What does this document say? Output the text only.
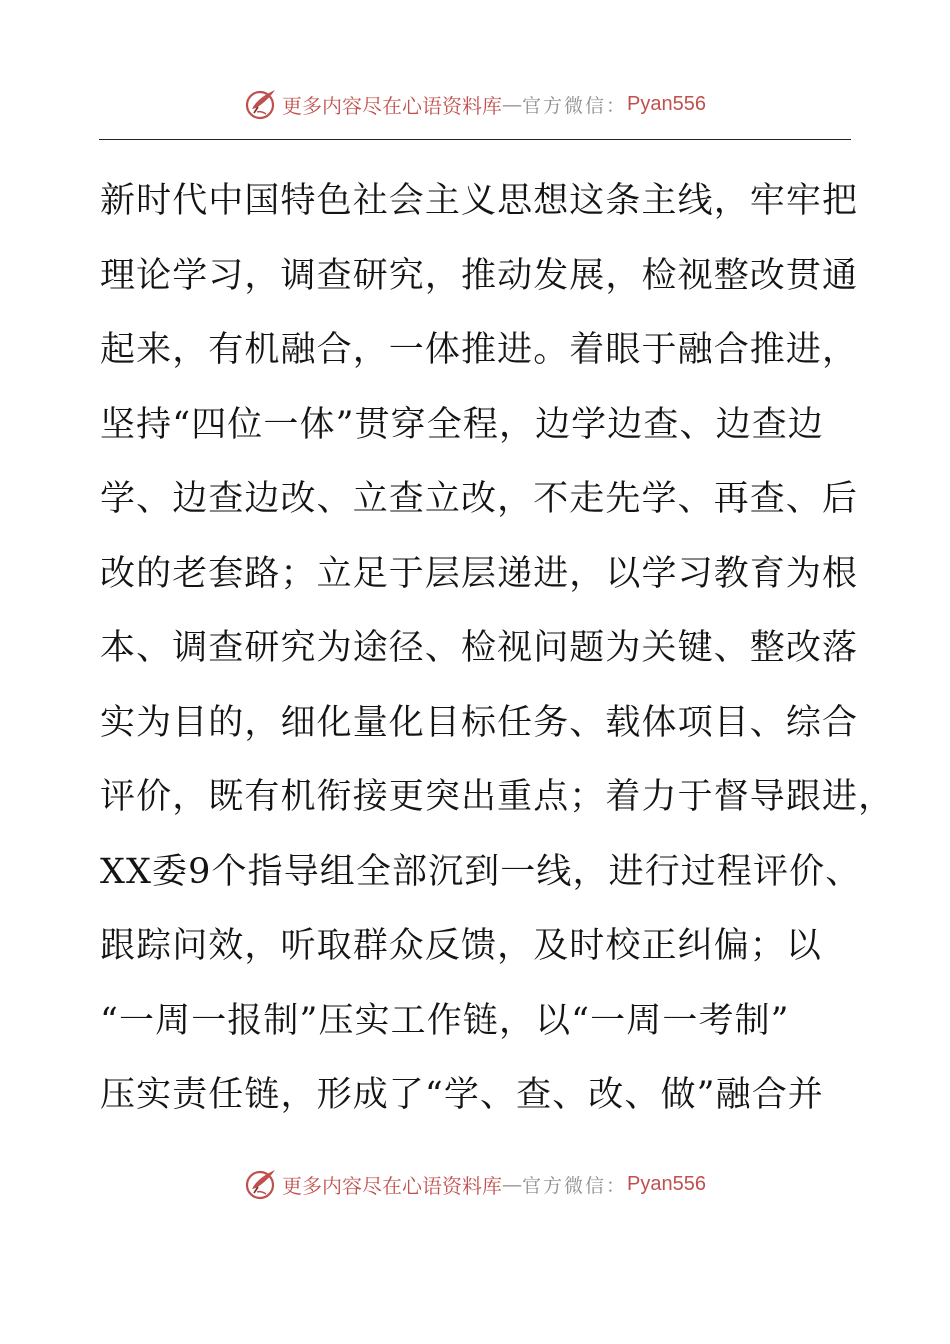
更多内容尽在心语资料库 — 官方微信： Pyan556
新时代中国特色社会主义思想这条主线，牢牢把
理论学习，调查研究，推动发展，检视整改贯通
起来，有机融合，一体推进。着眼于融合推进，
坚持“四位一体”贯穿全程，边学边查、边查边
学、边查边改、立查立改，不走先学、再查、后
改的老套路；立足于层层递进，以学习教育为根
本、调查研究为途径、检视问题为关键、整改落
实为目的，细化量化目标任务、载体项目、综合
评价，既有机衔接更突出重点；着力于督导跟进，
XX委9个指导组全部沉到一线，进行过程评价、
跟踪问效，听取群众反馈，及时校正纠偏；以
“一周一报制”压实工作链，以“一周一考制”
压实责任链，形成了“学、查、改、做”融合并
更多内容尽在心语资料库 — 官方微信： Pyan556
